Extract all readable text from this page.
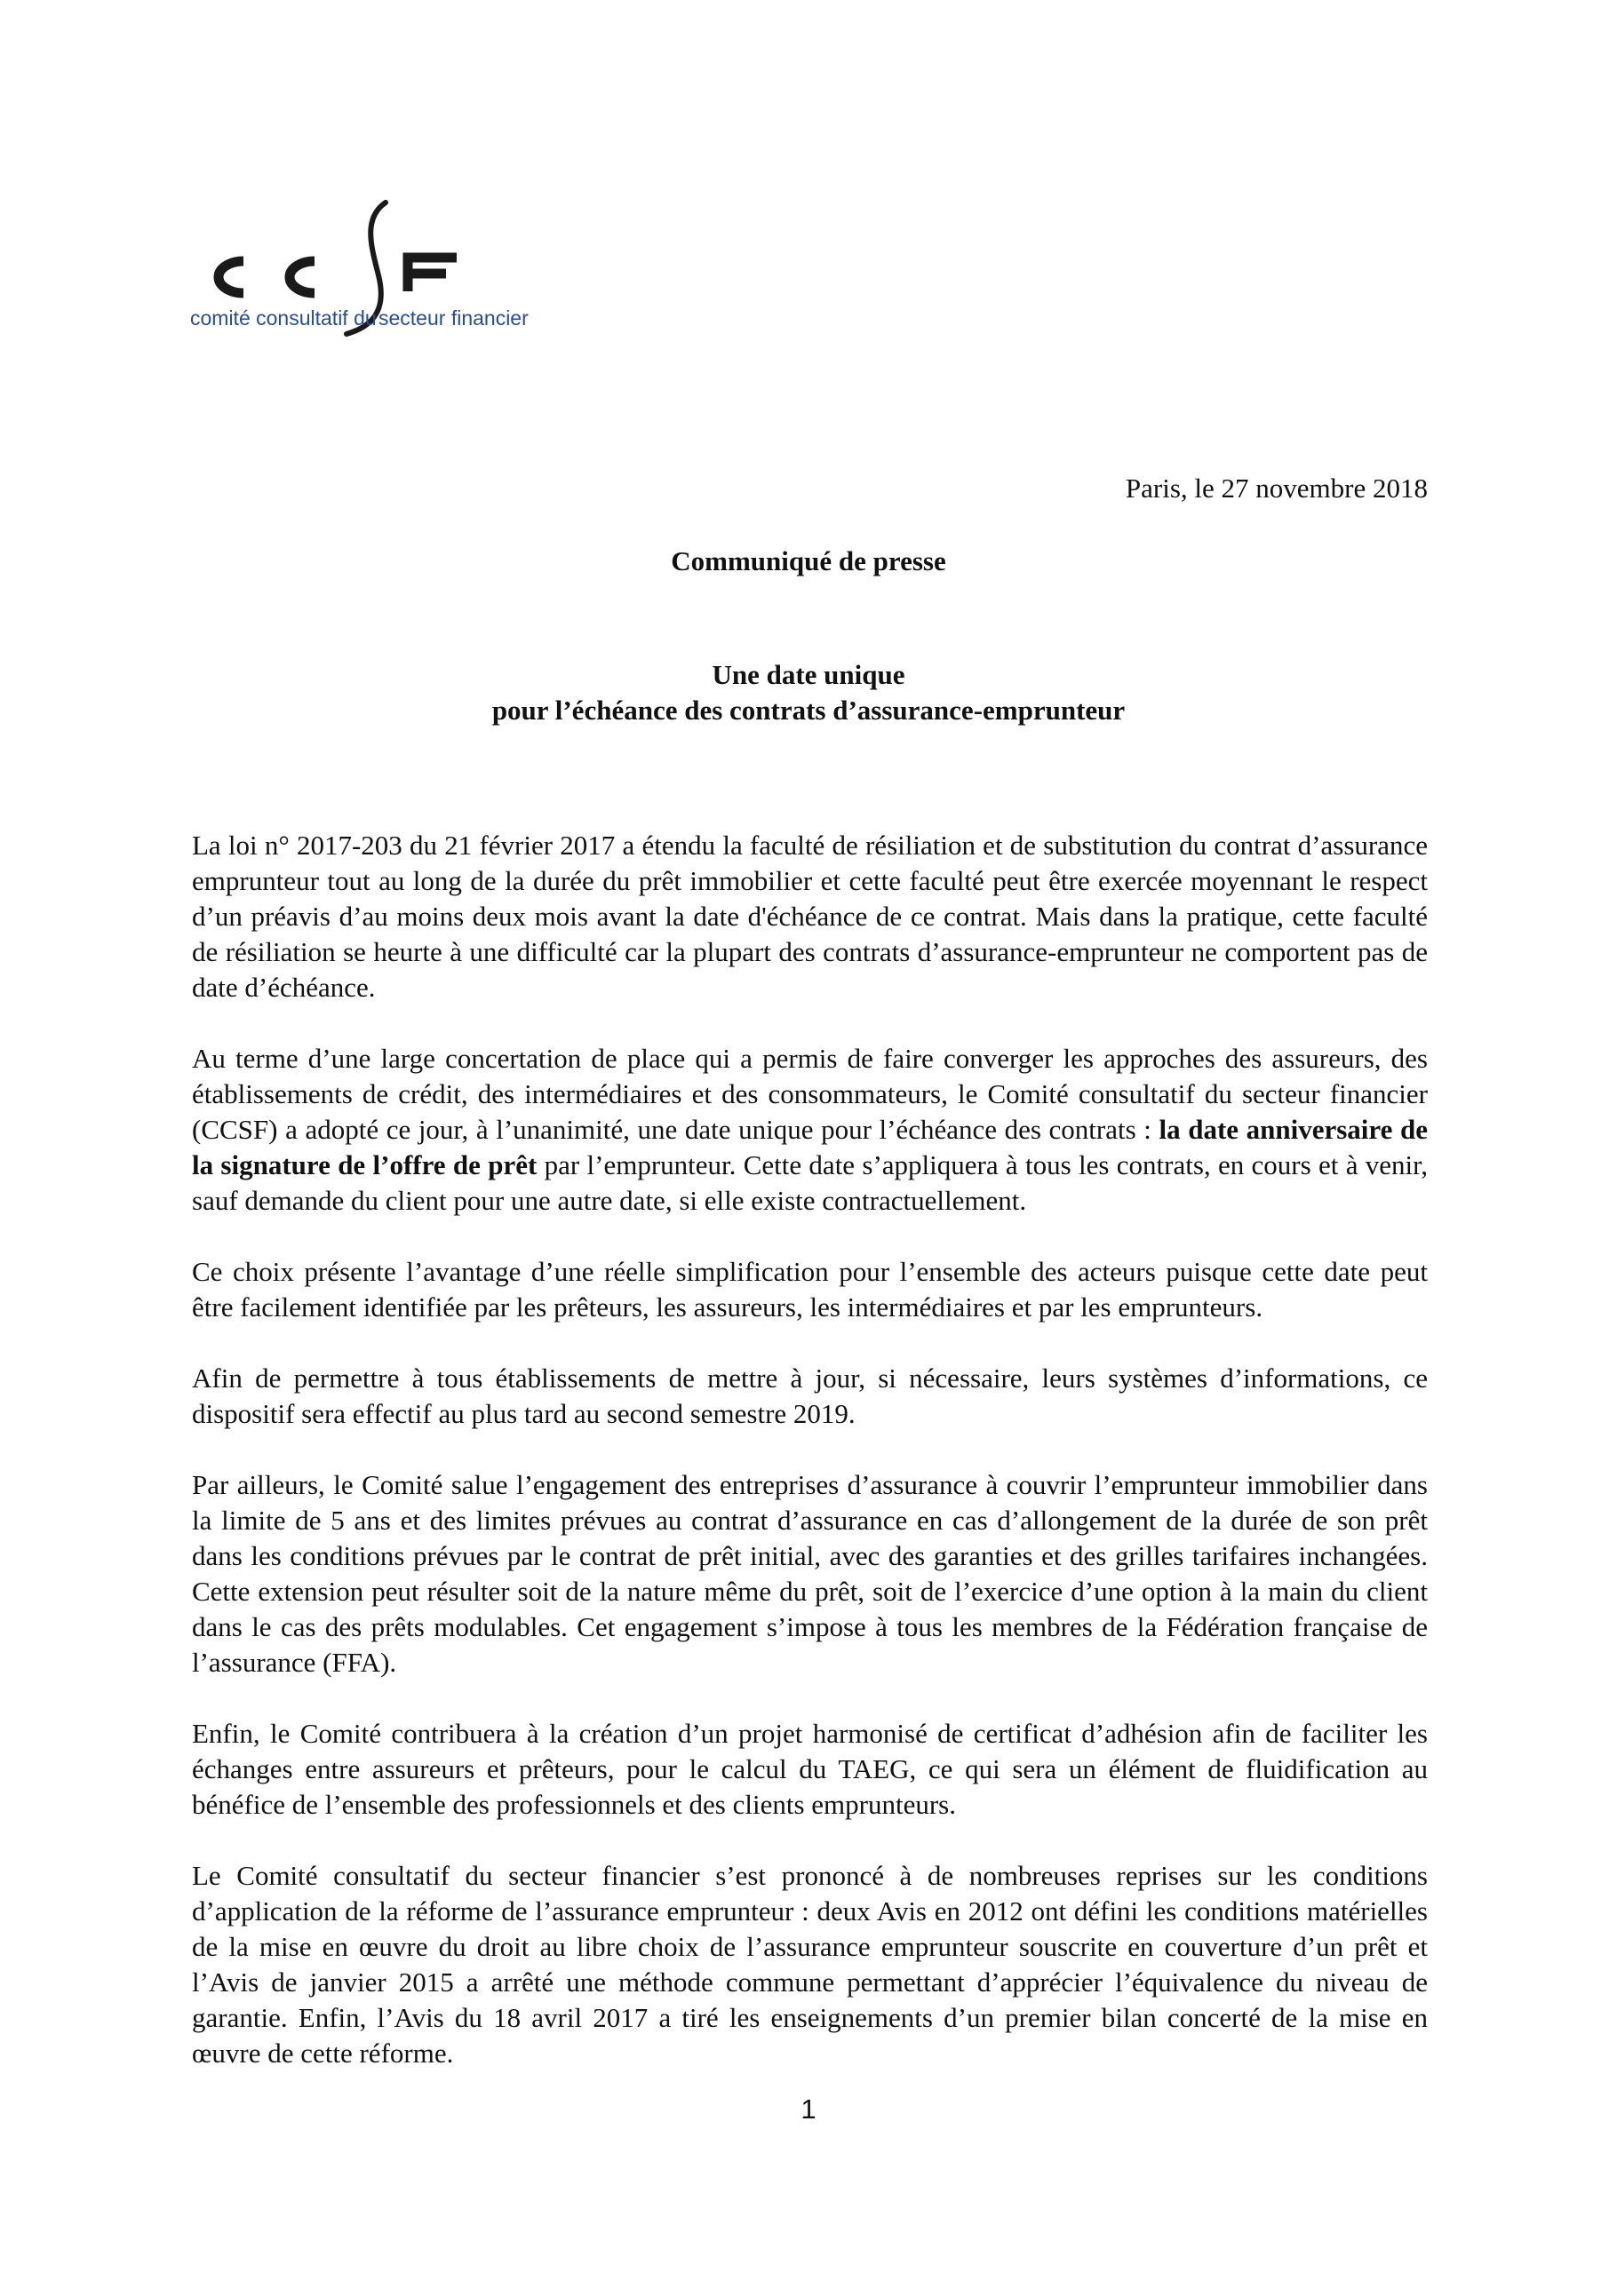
comité consultatif du secteur financier
Paris, le 27 novembre 2018
Communiqué de presse
Une date unique
pour l’échéance des contrats d’assurance-emprunteur

La loi n° 2017-203 du 21 février 2017 a étendu la faculté de résiliation et de substitution du contrat d’assurance emprunteur tout au long de la durée du prêt immobilier et cette faculté peut être exercée moyennant le respect d’un préavis d’au moins deux mois avant la date d'échéance de ce contrat. Mais dans la pratique, cette faculté de résiliation se heurte à une difficulté car la plupart des contrats d’assurance-emprunteur ne comportent pas de date d’échéance.

Au terme d’une large concertation de place qui a permis de faire converger les approches des assureurs, des établissements de crédit, des intermédiaires et des consommateurs, le Comité consultatif du secteur financier (CCSF) a adopté ce jour, à l’unanimité, une date unique pour l’échéance des contrats : la date anniversaire de la signature de l’offre de prêt par l’emprunteur. Cette date s’appliquera à tous les contrats, en cours et à venir, sauf demande du client pour une autre date, si elle existe contractuellement.

Ce choix présente l’avantage d’une réelle simplification pour l’ensemble des acteurs puisque cette date peut être facilement identifiée par les prêteurs, les assureurs, les intermédiaires et par les emprunteurs.

Afin de permettre à tous établissements de mettre à jour, si nécessaire, leurs systèmes d’informations, ce dispositif sera effectif au plus tard au second semestre 2019.

Par ailleurs, le Comité salue l’engagement des entreprises d’assurance à couvrir l’emprunteur immobilier dans la limite de 5 ans et des limites prévues au contrat d’assurance en cas d’allongement de la durée de son prêt dans les conditions prévues par le contrat de prêt initial, avec des garanties et des grilles tarifaires inchangées. Cette extension peut résulter soit de la nature même du prêt, soit de l’exercice d’une option à la main du client dans le cas des prêts modulables. Cet engagement s’impose à tous les membres de la Fédération française de l’assurance (FFA).

Enfin, le Comité contribuera à la création d’un projet harmonisé de certificat d’adhésion afin de faciliter les échanges entre assureurs et prêteurs, pour le calcul du TAEG, ce qui sera un élément de fluidification au bénéfice de l’ensemble des professionnels et des clients emprunteurs.

Le Comité consultatif du secteur financier s’est prononcé à de nombreuses reprises sur les conditions d’application de la réforme de l’assurance emprunteur : deux Avis en 2012 ont défini les conditions matérielles de la mise en œuvre du droit au libre choix de l’assurance emprunteur souscrite en couverture d’un prêt et l’Avis de janvier 2015 a arrêté une méthode commune permettant d’apprécier l’équivalence du niveau de garantie. Enfin, l’Avis du 18 avril 2017 a tiré les enseignements d’un premier bilan concerté de la mise en œuvre de cette réforme.

1
